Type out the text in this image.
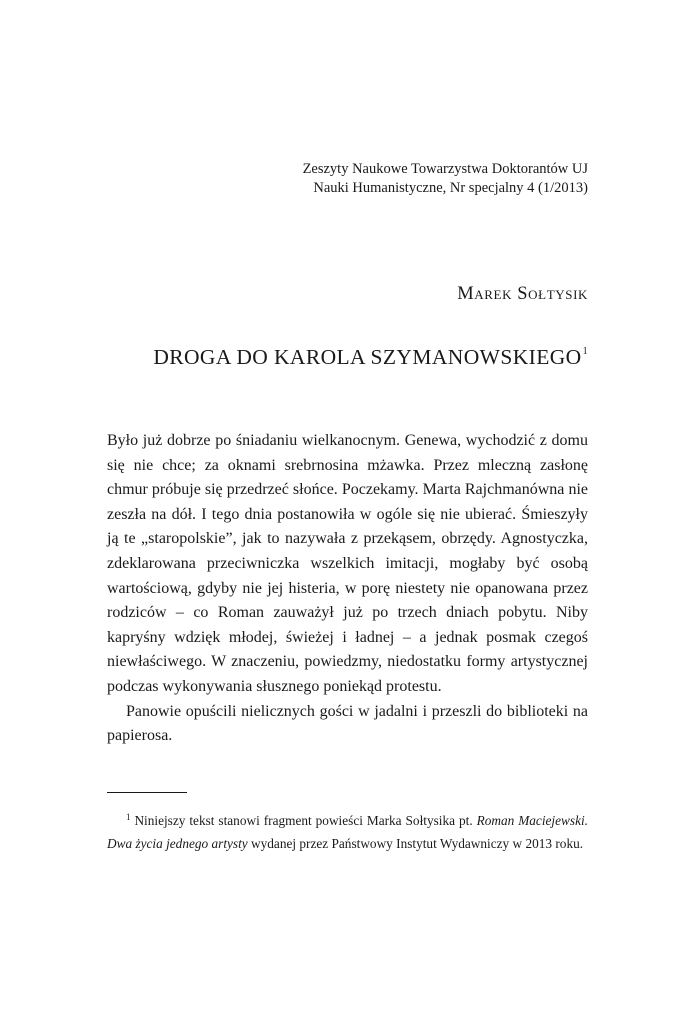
Zeszyty Naukowe Towarzystwa Doktorantów UJ
Nauki Humanistyczne, Nr specjalny 4 (1/2013)
Marek Sołtysik
DROGA DO KAROLA SZYMANOWSKIEGO$^1$

Było już dobrze po śniadaniu wielkanocnym. Genewa, wychodzić z domu się nie chce; za oknami srebrnosina mżawka. Przez mleczną zasłonę chmur próbuje się przedrzeć słońce. Poczekamy. Marta Rajchmanówna nie zeszła na dół. I tego dnia postanowiła w ogóle się nie ubierać. Śmieszyły ją te „staropolskie”, jak to nazywała z przekąsem, obrzędy. Agnostyczka, zdeklarowana przeciwniczka wszelkich imitacji, mogłaby być osobą wartościową, gdyby nie jej histeria, w porę niestety nie opanowana przez rodziców – co Roman zauważył już po trzech dniach pobytu. Niby kapryśny wdzięk młodej, świeżej i ładnej – a jednak posmak czegoś niewłaściwego. W znaczeniu, powiedzmy, niedostatku formy artystycznej podczas wykonywania słusznego poniekąd protestu.

Panowie opuścili nielicznych gości w jadalni i przeszli do biblioteki na papierosa.

$^1$ Niniejszy tekst stanowi fragment powieści Marka Sołtysika pt. Roman Maciejewski. Dwa życia jednego artysty wydanej przez Państwowy Instytut Wydawniczy w 2013 roku.
